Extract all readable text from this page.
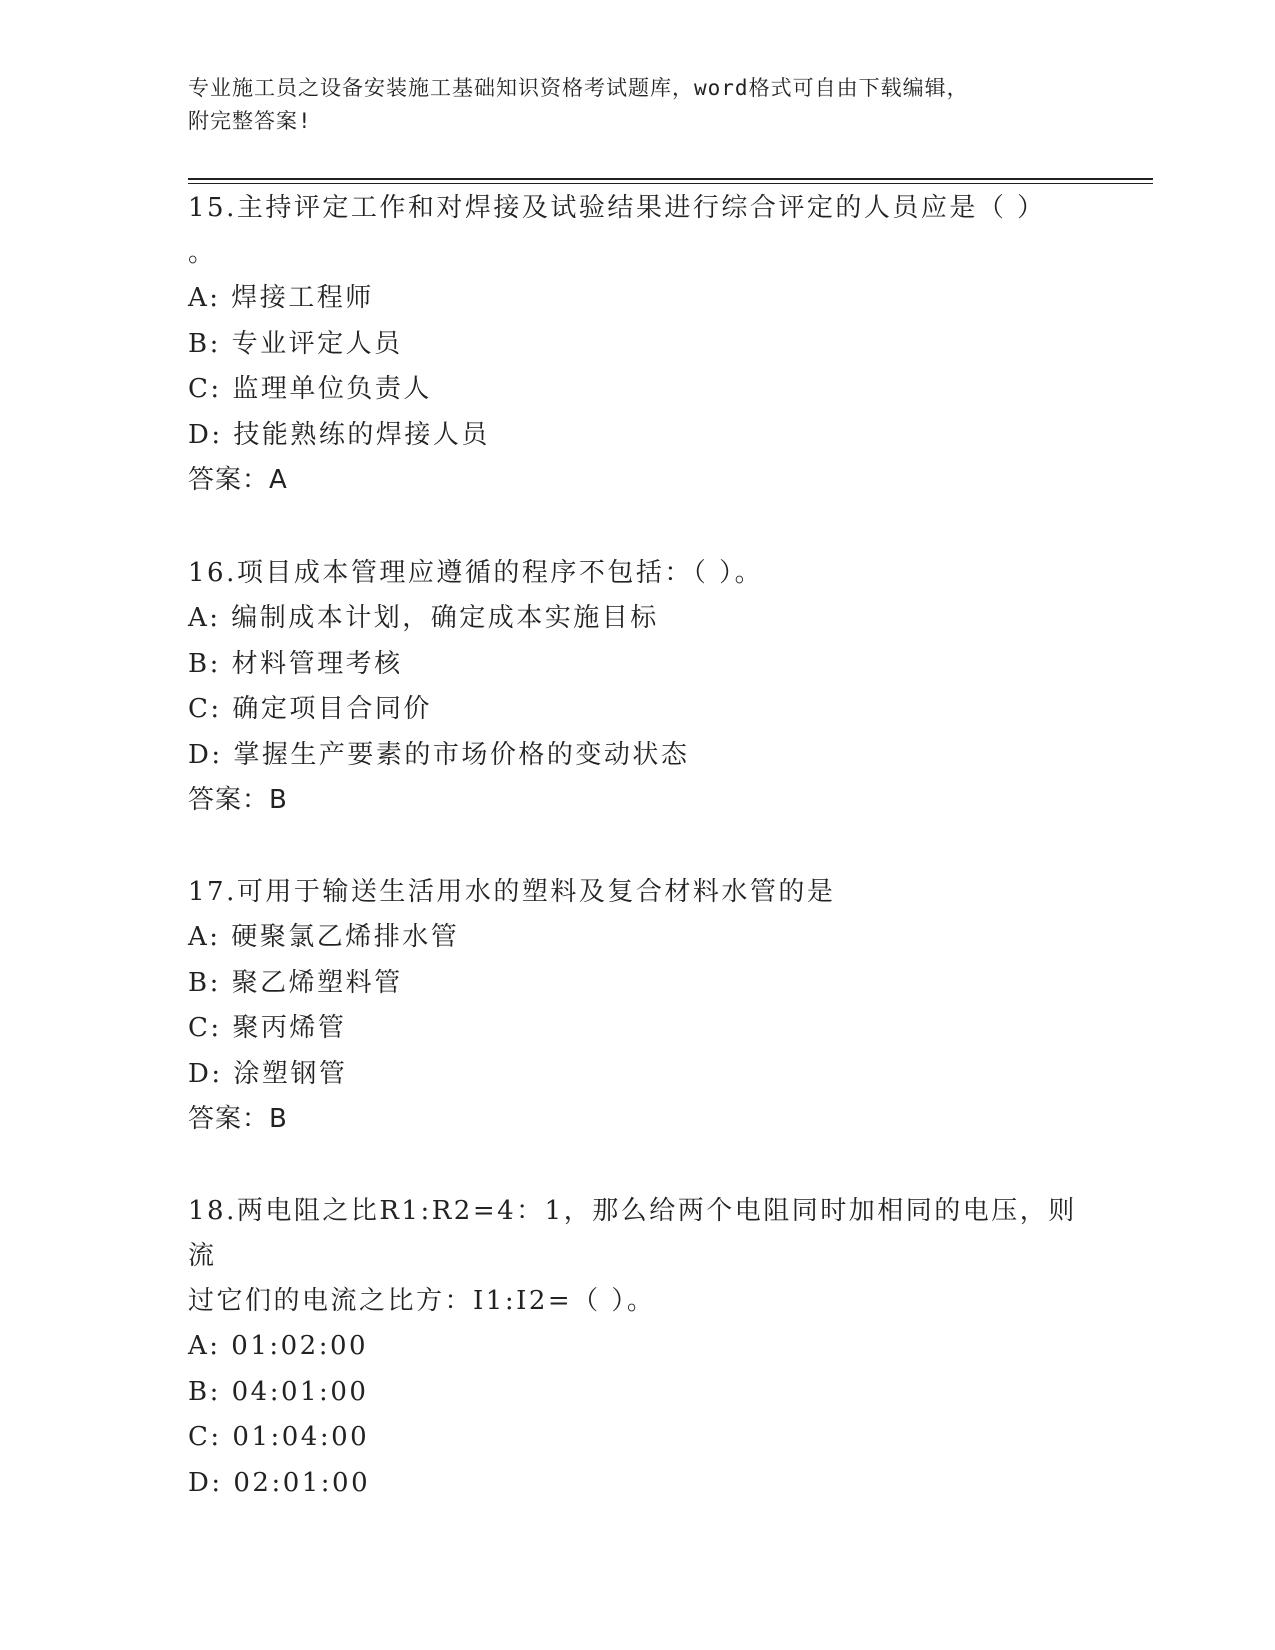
专业施工员之设备安装施工基础知识资格考试题库，word格式可自由下载编辑，
附完整答案!

15.主持评定工作和对焊接及试验结果进行综合评定的人员应是（ ）

。

A: 焊接工程师

B: 专业评定人员

C: 监理单位负责人

D: 技能熟练的焊接人员

答案：A

16.项目成本管理应遵循的程序不包括：（ ）。

A: 编制成本计划，确定成本实施目标

B: 材料管理考核

C: 确定项目合同价

D: 掌握生产要素的市场价格的变动状态

答案：B

17.可用于输送生活用水的塑料及复合材料水管的是

A: 硬聚氯乙烯排水管

B: 聚乙烯塑料管

C: 聚丙烯管

D: 涂塑钢管

答案：B

18.两电阻之比R1:R2=4：1，那么给两个电阻同时加相同的电压，则流

过它们的电流之比方：I1:I2=（ ）。

A: 01:02:00

B: 04:01:00

C: 01:04:00

D: 02:01:00
